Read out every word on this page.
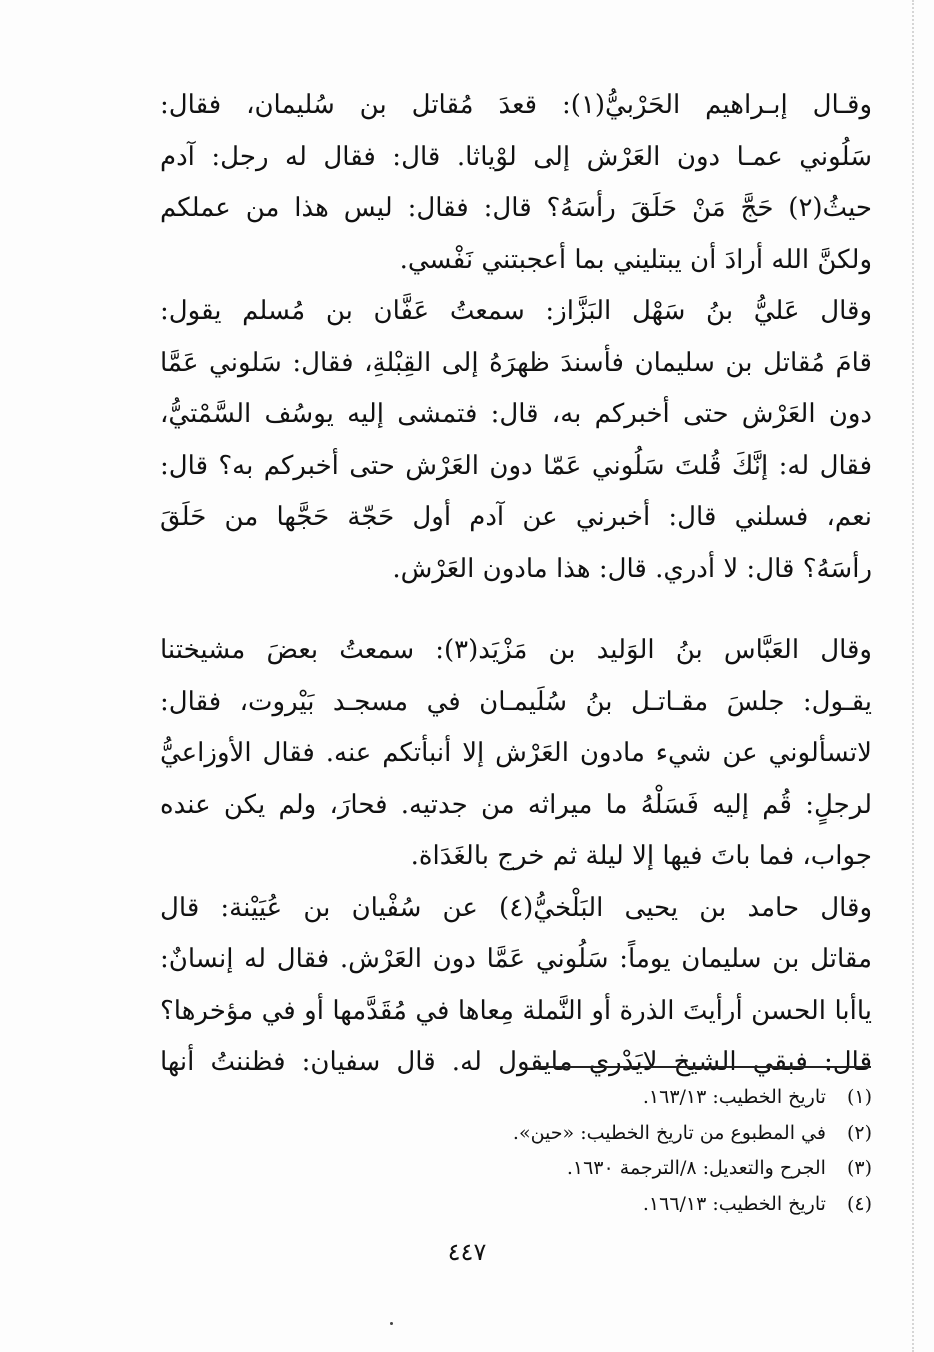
وقـال إبـراهيم الحَرْبيُّ(١): قعدَ مُقاتل بن سُليمان، فقال:
سَلُوني عمـا دون العَرْش إلى لوْياثا. قال: فقال له رجل: آدم
حيثُ(٢) حَجَّ مَنْ حَلَقَ رأسَهُ؟ قال: فقال: ليس هذا من عملكم
ولكنَّ الله أرادَ أن يبتليني بما أعجبتني نَفْسي.
وقال عَليُّ بنُ سَهْل البَزَّاز: سمعتُ عَفَّان بن مُسلم يقول:
قامَ مُقاتل بن سليمان فأسندَ ظهرَهُ إلى القِبْلةِ، فقال: سَلوني عَمَّا
دون العَرْش حتى أخبركم به، قال: فتمشى إليه يوسُف السَّمْتيُّ،
فقال له: إنَّكَ قُلتَ سَلُوني عَمّا دون العَرْش حتى أخبركم به؟ قال:
نعم، فسلني قال: أخبرني عن آدم أول حَجّة حَجَّها من حَلَقَ
رأسَهُ؟ قال: لا أدري. قال: هذا مادون العَرْش.
وقال العَبَّاس بنُ الوَليد بن مَزْيَد(٣): سمعتُ بعضَ مشيختنا
يقـول: جلسَ مقـاتـل بنُ سُلَيمـان في مسجـد بَيْروت، فقال:
لاتسألوني عن شيء مادون العَرْش إلا أنبأتكم عنه. فقال الأوزاعيُّ
لرجلٍ: قُم إليه فَسَلْهُ ما ميراثه من جدتيه. فحارَ، ولم يكن عنده
جواب، فما باتَ فيها إلا ليلة ثم خرج بالغَدَاة.
وقال حامد بن يحيى البَلْخيُّ(٤) عن سُفْيان بن عُيَيْنة: قال
مقاتل بن سليمان يوماً: سَلُوني عَمَّا دون العَرْش. فقال له إنسانٌ:
ياأبا الحسن أرأيتَ الذرة أو النَّملة مِعاها في مُقَدَّمها أو في مؤخرها؟
قال: فبقي الشيخ لايَدْري مايقول له. قال سفيان: فظننتُ أنها
(١) تاريخ الخطيب: ١٦٣/١٣.
(٢) في المطبوع من تاريخ الخطيب: «حين».
(٣) الجرح والتعديل: ٨/الترجمة ١٦٣٠.
(٤) تاريخ الخطيب: ١٦٦/١٣.
٤٤٧
